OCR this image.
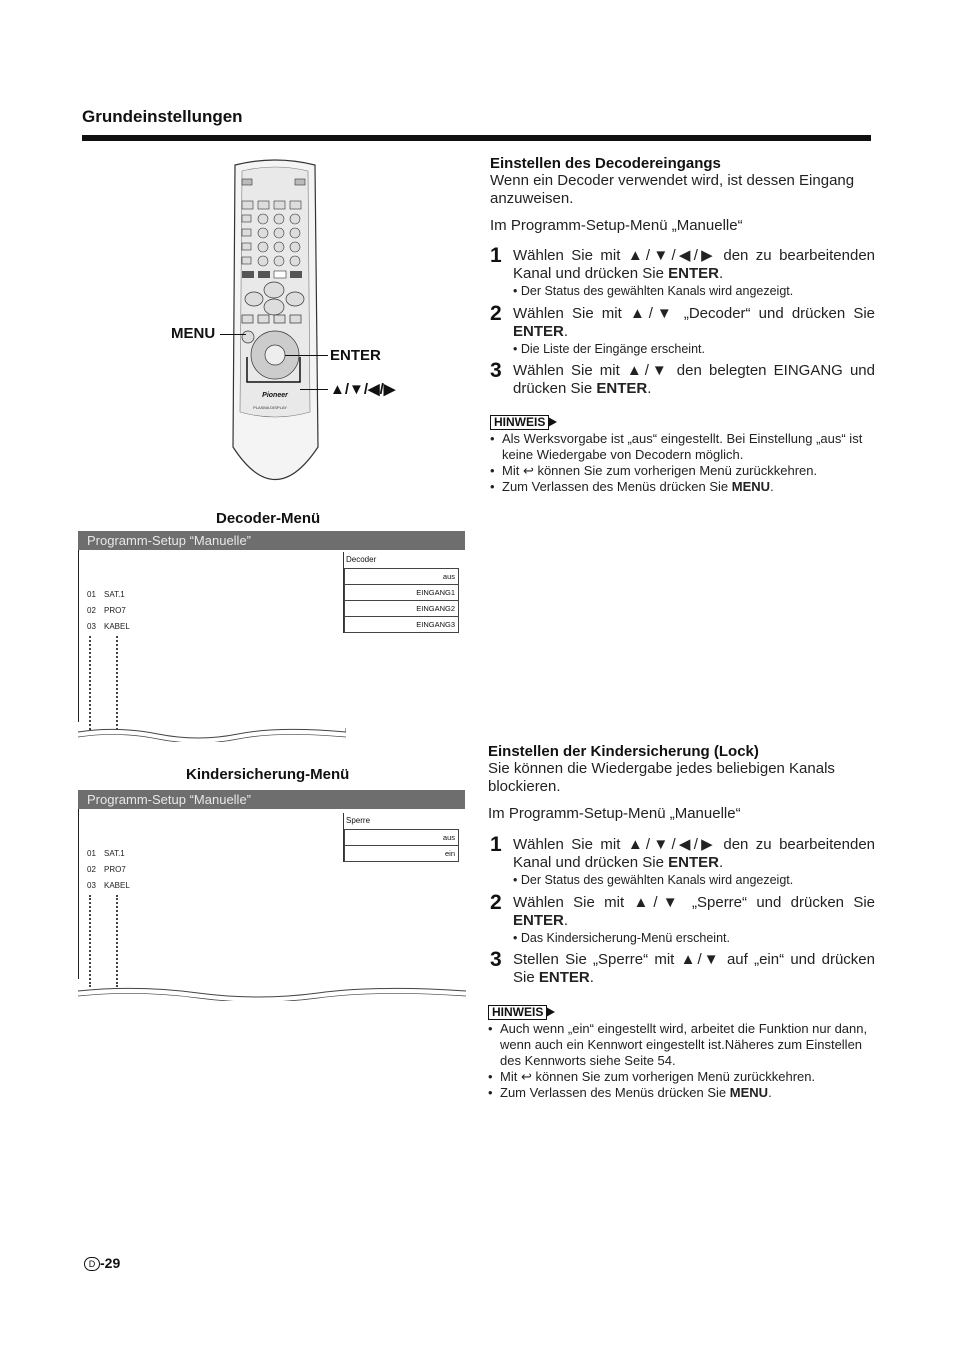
Grundeinstellungen
Pioneer
PLASMA DISPLAY
MENU
ENTER
▲/▼/◀/▶
Decoder-Menü
Programm-Setup “Manuelle”
01 SAT.1
02 PRO7
03 KABEL
Decoder
aus
EINGANG1
EINGANG2
EINGANG3
Kindersicherung-Menü
Programm-Setup “Manuelle”
01 SAT.1
02 PRO7
03 KABEL
Sperre
aus
ein
Einstellen des Decodereingangs
Wenn ein Decoder verwendet wird, ist dessen Eingang anzuweisen.
Im Programm-Setup-Menü „Manuelle“
1 Wählen Sie mit ▲/▼/◀/▶ den zu bearbeitenden Kanal und drücken Sie ENTER.
• Der Status des gewählten Kanals wird angezeigt.
2 Wählen Sie mit ▲/▼ „Decoder“ und drücken Sie ENTER.
• Die Liste der Eingänge erscheint.
3 Wählen Sie mit ▲/▼ den belegten EINGANG und drücken Sie ENTER.
HINWEIS
• Als Werksvorgabe ist „aus“ eingestellt. Bei Einstellung „aus“ ist keine Wiedergabe von Decodern möglich.
• Mit ↩ können Sie zum vorherigen Menü zurückkehren.
• Zum Verlassen des Menüs drücken Sie MENU.
Einstellen der Kindersicherung (Lock)
Sie können die Wiedergabe jedes beliebigen Kanals blockieren.
Im Programm-Setup-Menü „Manuelle“
1 Wählen Sie mit ▲/▼/◀/▶ den zu bearbeitenden Kanal und drücken Sie ENTER.
• Der Status des gewählten Kanals wird angezeigt.
2 Wählen Sie mit ▲/▼ „Sperre“ und drücken Sie ENTER.
• Das Kindersicherung-Menü erscheint.
3 Stellen Sie „Sperre“ mit ▲/▼ auf „ein“ und drücken Sie ENTER.
HINWEIS
• Auch wenn „ein“ eingestellt wird, arbeitet die Funktion nur dann, wenn auch ein Kennwort eingestellt ist.Näheres zum Einstellen des Kennworts siehe Seite 54.
• Mit ↩ können Sie zum vorherigen Menü zurückkehren.
• Zum Verlassen des Menüs drücken Sie MENU.
D -29
